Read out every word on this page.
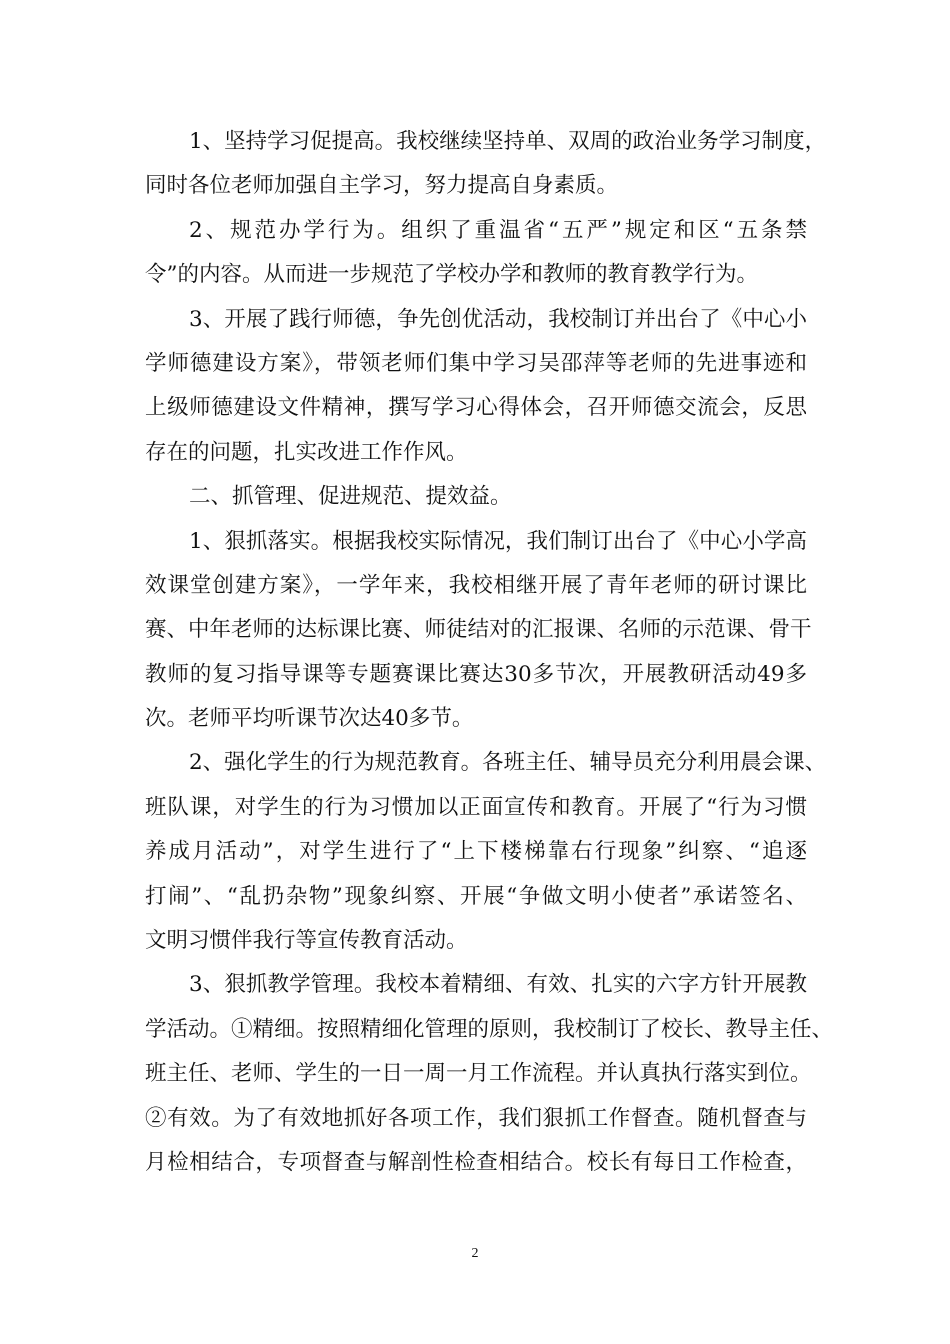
1、坚持学习促提高。我校继续坚持单、双周的政治业务学习制度，
同时各位老师加强自主学习，努力提高自身素质。
2、规范办学行为。组织了重温省“五严”规定和区“五条禁
令”的内容。从而进一步规范了学校办学和教师的教育教学行为。
3、开展了践行师德，争先创优活动，我校制订并出台了《中心小
学师德建设方案》，带领老师们集中学习吴邵萍等老师的先进事迹和
上级师德建设文件精神，撰写学习心得体会，召开师德交流会，反思
存在的问题，扎实改进工作作风。
二、抓管理、促进规范、提效益。
1、狠抓落实。根据我校实际情况，我们制订出台了《中心小学高
效课堂创建方案》，一学年来，我校相继开展了青年老师的研讨课比
赛、中年老师的达标课比赛、师徒结对的汇报课、名师的示范课、骨干
教师的复习指导课等专题赛课比赛达30多节次，开展教研活动49多
次。老师平均听课节次达40多节。
2、强化学生的行为规范教育。各班主任、辅导员充分利用晨会课、
班队课，对学生的行为习惯加以正面宣传和教育。开展了“行为习惯
养成月活动”，对学生进行了“上下楼梯靠右行现象”纠察、“追逐
打闹”、“乱扔杂物”现象纠察、开展“争做文明小使者”承诺签名、
文明习惯伴我行等宣传教育活动。
3、狠抓教学管理。我校本着精细、有效、扎实的六字方针开展教
学活动。①精细。按照精细化管理的原则，我校制订了校长、教导主任、
班主任、老师、学生的一日一周一月工作流程。并认真执行落实到位。
②有效。为了有效地抓好各项工作，我们狠抓工作督查。随机督查与
月检相结合，专项督查与解剖性检查相结合。校长有每日工作检查，
2
